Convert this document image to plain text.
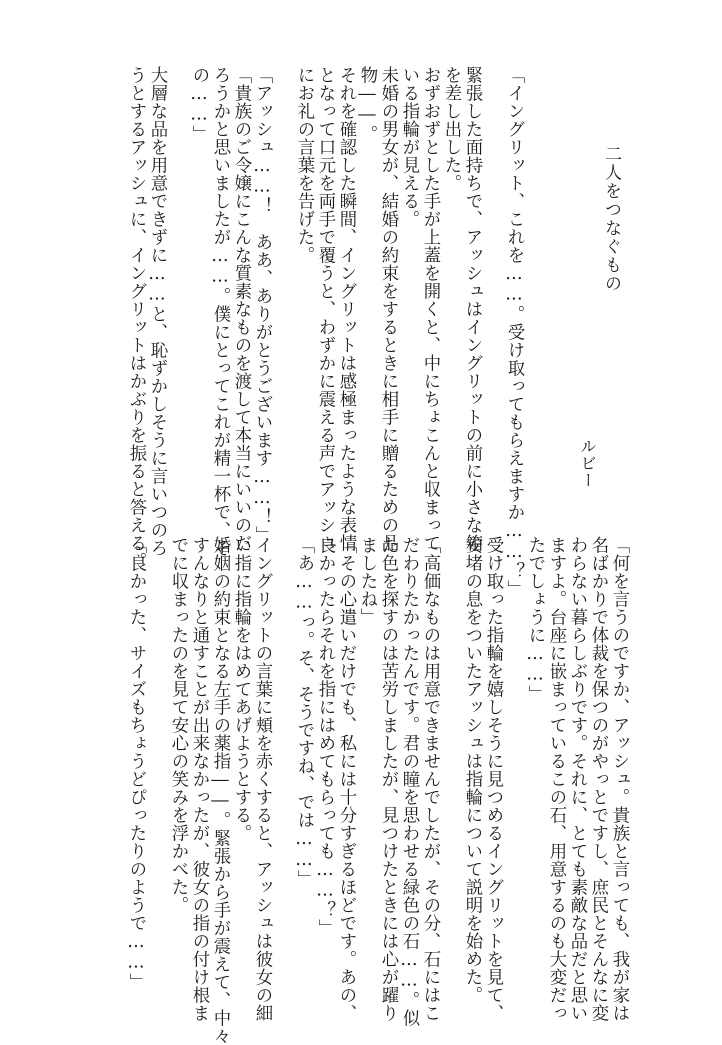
二人をつなぐもの
ルビー
「イングリット、これを……。受け取ってもらえますか……？」
緊張した面持ちで、アッシュはイングリットの前に小さな箱
を差し出した。
おずおずとした手が上蓋を開くと、中にちょこんと収まって
いる指輪が見える。
未婚の男女が、結婚の約束をするときに相手に贈るための品
物――。
それを確認した瞬間、イングリットは感極まったような表情
となって口元を両手で覆うと、わずかに震える声でアッシュ
にお礼の言葉を告げた。
「アッシュ……！　ああ、ありがとうございます……！」
「貴族のご令嬢にこんな質素なものを渡して本当にいいのだ
ろうかと思いましたが……。僕にとってこれが精一杯で、そ
の……」
大層な品を用意できずに……と、恥ずかしそうに言いつのろ
うとするアッシュに、イングリットはかぶりを振ると答える。
「何を言うのですか、アッシュ。貴族と言っても、我が家は
名ばかりで体裁を保つのがやっとですし、庶民とそんなに変
わらない暮らしぶりです。それに、とても素敵な品だと思い
ますよ。台座に嵌まっているこの石、用意するのも大変だっ
たでしょうに……」
受け取った指輪を嬉しそうに見つめるイングリットを見て、
安堵の息をついたアッシュは指輪について説明を始めた。
「高価なものは用意できませんでしたが、その分、石にはこ
だわりたかったんです。君の瞳を思わせる緑色の石……。似
た色を探すのは苦労しましたが、見つけたときには心が躍り
ましたね」
「その心遣いだけでも、私には十分すぎるほどです。あの、
良かったらそれを指にはめてもらっても……？」
「あ……っ。そ、そうですね、では……」
イングリットの言葉に頬を赤くすると、アッシュは彼女の細
い指に指輪をはめてあげようとする。
婚姻の約束となる左手の薬指――。緊張から手が震えて、中々
すんなりと通すことが出来なかったが、彼女の指の付け根ま
でに収まったのを見て安心の笑みを浮かべた。
「良かった、サイズもちょうどぴったりのようで……」
